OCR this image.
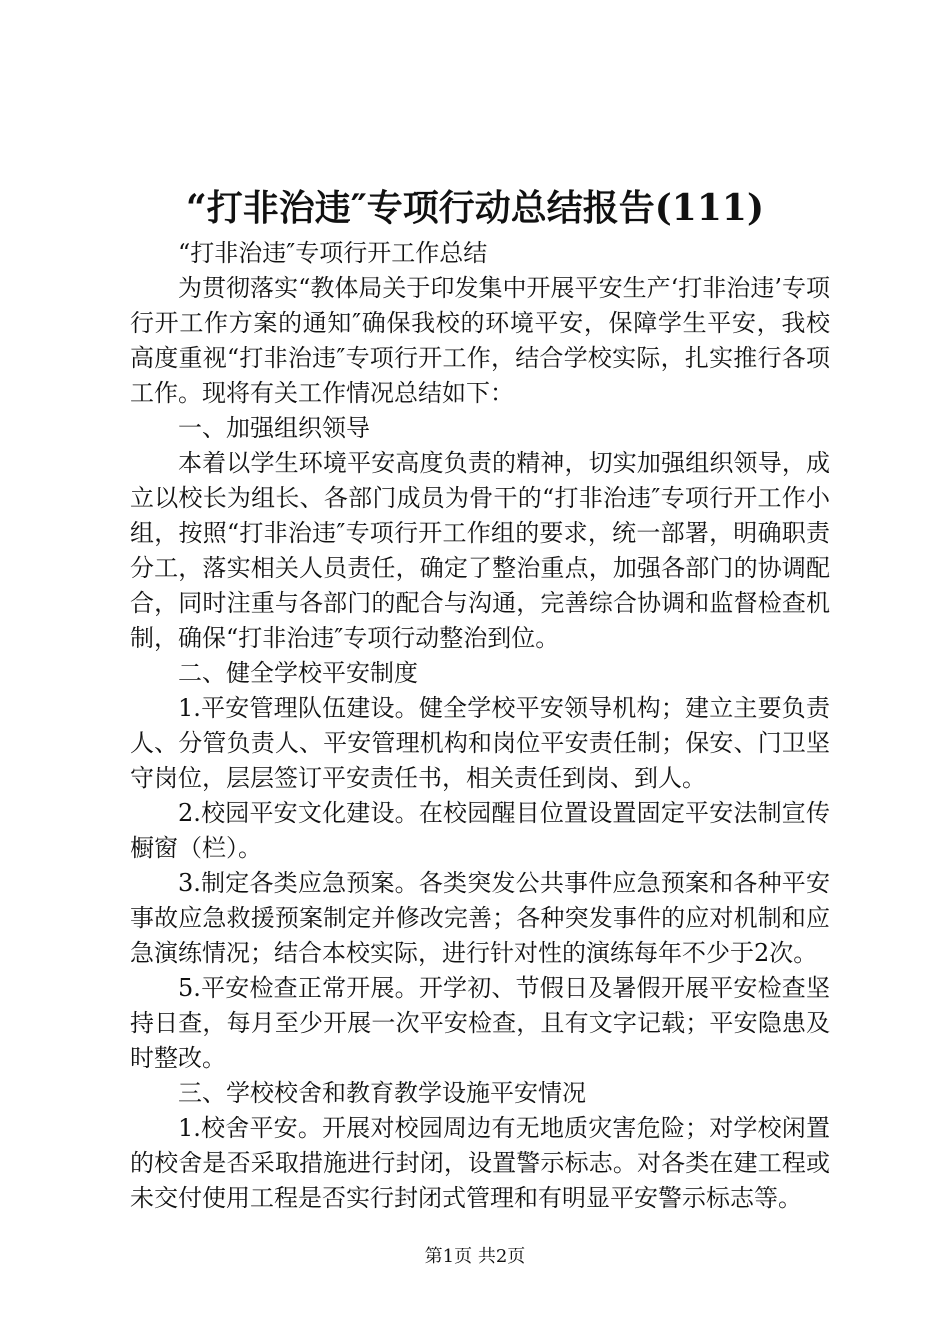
“打非治违″专项行动总结报告(111)

“打非治违″专项行开工作总结

为贯彻落实“教体局关于印发集中开展平安生产‘打非治违’专项行开工作方案的通知″确保我校的环境平安，保障学生平安，我校高度重视“打非治违″专项行开工作，结合学校实际，扎实推行各项工作。现将有关工作情况总结如下：

一、加强组织领导

本着以学生环境平安高度负责的精神，切实加强组织领导，成立以校长为组长、各部门成员为骨干的“打非治违″专项行开工作小组，按照“打非治违″专项行开工作组的要求，统一部署，明确职责分工，落实相关人员责任，确定了整治重点，加强各部门的协调配合，同时注重与各部门的配合与沟通，完善综合协调和监督检查机制，确保“打非治违″专项行动整治到位。

二、健全学校平安制度

1.平安管理队伍建设。健全学校平安领导机构；建立主要负责人、分管负责人、平安管理机构和岗位平安责任制；保安、门卫坚守岗位，层层签订平安责任书，相关责任到岗、到人。

2.校园平安文化建设。在校园醒目位置设置固定平安法制宣传橱窗（栏）。

3.制定各类应急预案。各类突发公共事件应急预案和各种平安事故应急救援预案制定并修改完善；各种突发事件的应对机制和应急演练情况；结合本校实际，进行针对性的演练每年不少于2次。

5.平安检查正常开展。开学初、节假日及暑假开展平安检查坚持日查，每月至少开展一次平安检查，且有文字记载；平安隐患及时整改。

三、学校校舍和教育教学设施平安情况

1.校舍平安。开展对校园周边有无地质灾害危险；对学校闲置的校舍是否采取措施进行封闭，设置警示标志。对各类在建工程或未交付使用工程是否实行封闭式管理和有明显平安警示标志等。

第1页 共2页
